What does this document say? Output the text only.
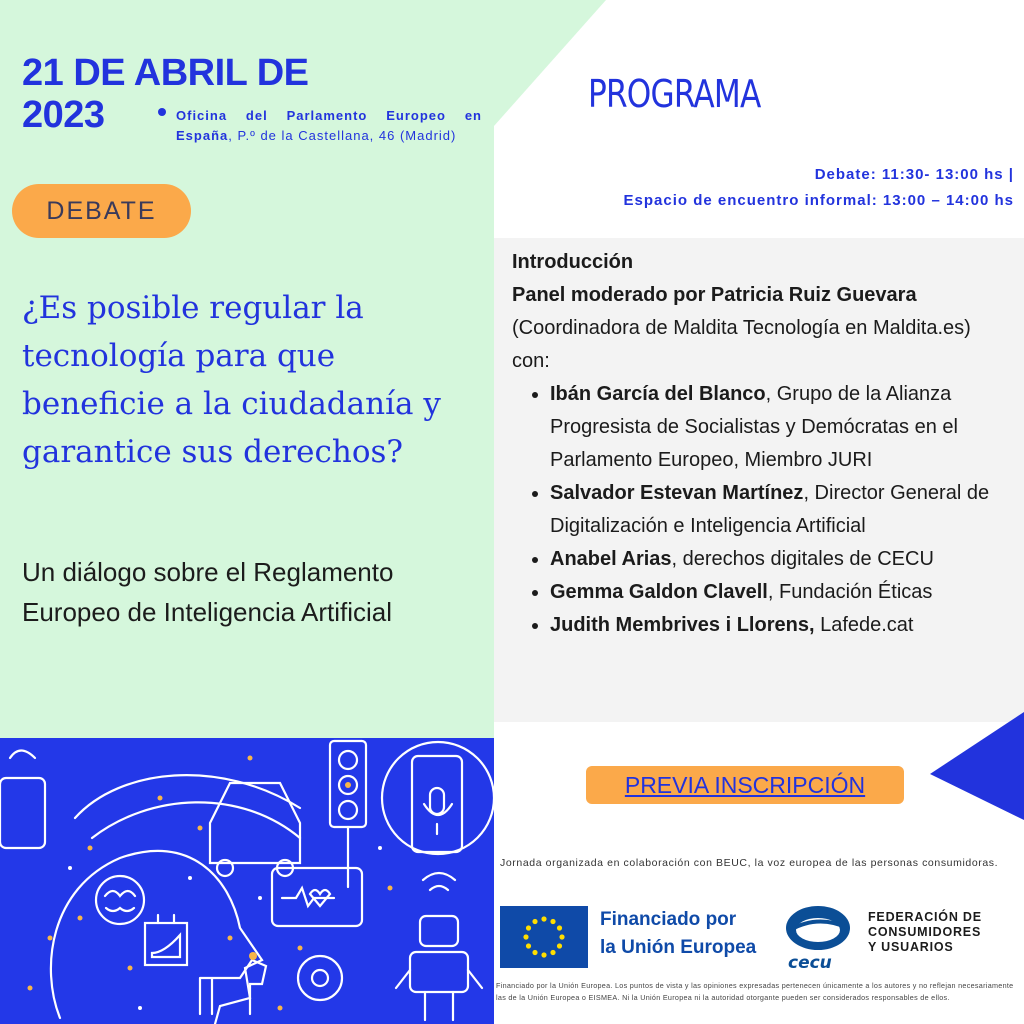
21 DE ABRIL DE
2023	Oficina del Parlamento Europeo en España, P.º de la Castellana, 46 (Madrid)
DEBATE
¿Es posible regular la tecnología para que beneficie a la ciudadanía y garantice sus derechos?
Un diálogo sobre el Reglamento Europeo de Inteligencia Artificial
PROGRAMA
Debate: 11:30- 13:00 hs |
Espacio de encuentro informal: 13:00 – 14:00 hs
Introducción
Panel moderado por Patricia Ruiz Guevara
(Coordinadora de Maldita Tecnología en Maldita.es) con:
• Ibán García del Blanco, Grupo de la Alianza Progresista de Socialistas y Demócratas en el Parlamento Europeo, Miembro JURI
• Salvador Estevan Martínez, Director General de Digitalización e Inteligencia Artificial
• Anabel Arias, derechos digitales de CECU
• Gemma Galdon Clavell, Fundación Éticas
• Judith Membrives i Llorens, Lafede.cat
PREVIA INSCRIPCIÓN
Jornada organizada en colaboración con BEUC, la voz europea de las personas consumidoras.
Financiado por
la Unión Europea
cecu
FEDERACIÓN DE
CONSUMIDORES
Y USUARIOS
Financiado por la Unión Europea. Los puntos de vista y las opiniones expresadas pertenecen únicamente a los autores y no reflejan necesariamente las de la Unión Europea o EISMEA. Ni la Unión Europea ni la autoridad otorgante pueden ser considerados responsables de ellos.
